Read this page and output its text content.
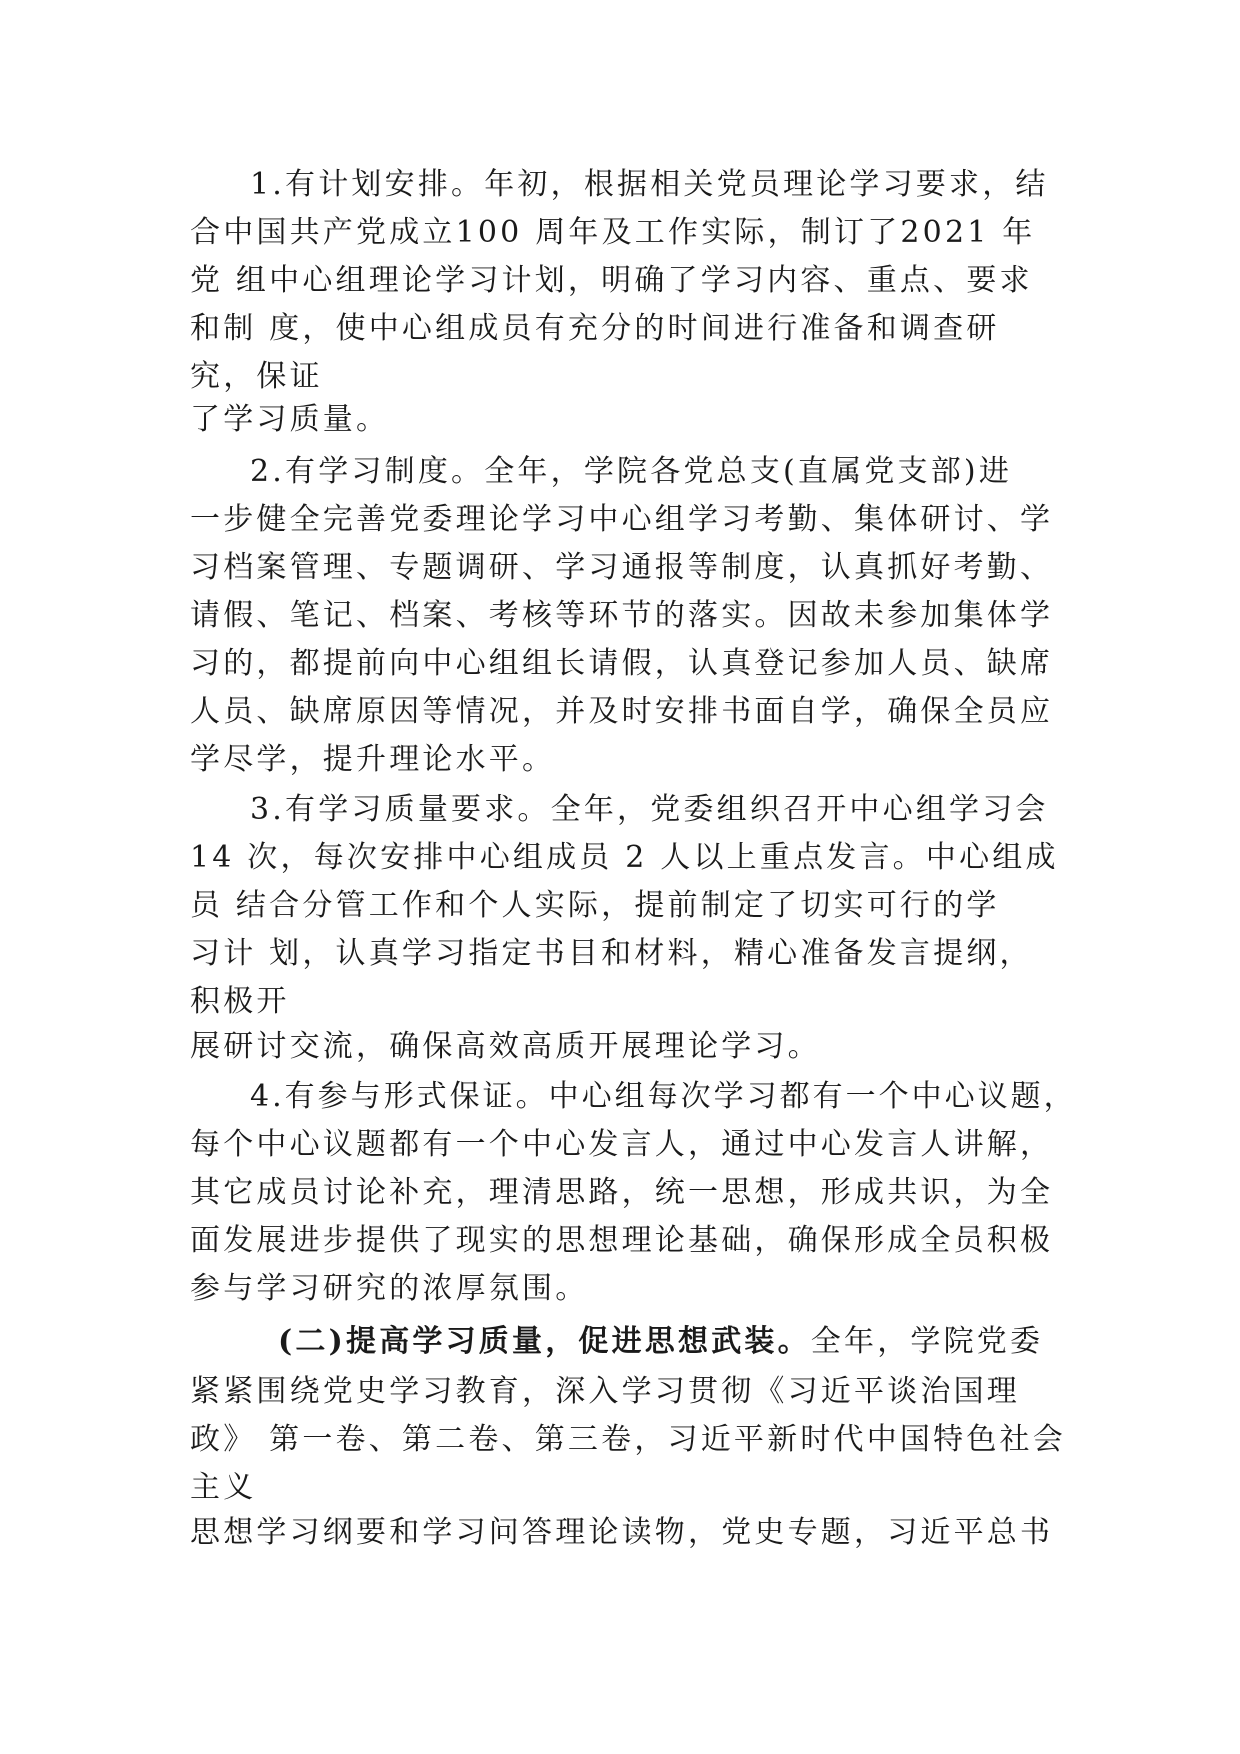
1.有计划安排。年初，根据相关党员理论学习要求，结

合中国共产党成立100 周年及工作实际，制订了2021 年

党 组中心组理论学习计划，明确了学习内容、重点、要求

和制 度，使中心组成员有充分的时间进行准备和调查研

究，保证

了学习质量。

2.有学习制度。全年，学院各党总支(直属党支部)进

一步健全完善党委理论学习中心组学习考勤、集体研讨、学

习档案管理、专题调研、学习通报等制度，认真抓好考勤、

请假、笔记、档案、考核等环节的落实。因故未参加集体学

习的，都提前向中心组组长请假，认真登记参加人员、缺席

人员、缺席原因等情况，并及时安排书面自学，确保全员应

学尽学，提升理论水平。

3.有学习质量要求。全年，党委组织召开中心组学习会

14 次，每次安排中心组成员 2 人以上重点发言。中心组成

员 结合分管工作和个人实际，提前制定了切实可行的学

习计 划，认真学习指定书目和材料，精心准备发言提纲，

积极开

展研讨交流，确保高效高质开展理论学习。

4.有参与形式保证。中心组每次学习都有一个中心议题，

每个中心议题都有一个中心发言人，通过中心发言人讲解，

其它成员讨论补充，理清思路，统一思想，形成共识，为全

面发展进步提供了现实的思想理论基础，确保形成全员积极

参与学习研究的浓厚氛围。

(二)提高学习质量，促进思想武装。全年，学院党委

紧紧围绕党史学习教育，深入学习贯彻《习近平谈治国理

政》 第一卷、第二卷、第三卷，习近平新时代中国特色社会

主义

思想学习纲要和学习问答理论读物，党史专题，习近平总书
